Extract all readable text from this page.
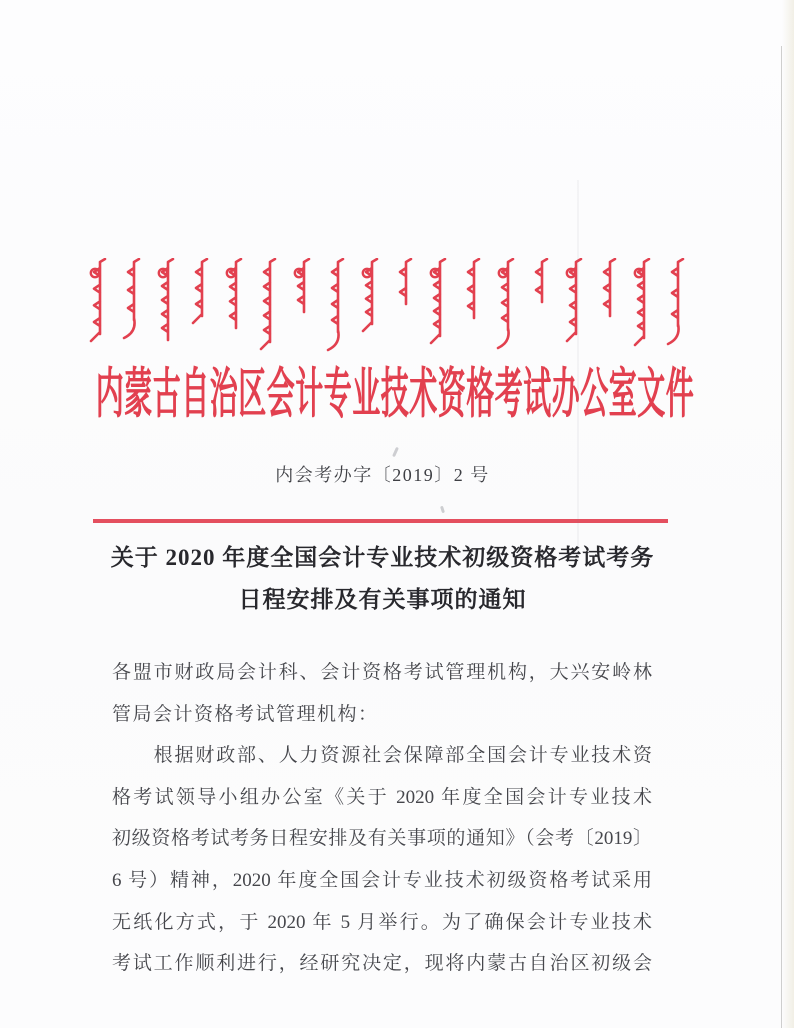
内蒙古自治区会计专业技术资格考试办公室文件
内会考办字〔2019〕2 号
关于 2020 年度全国会计专业技术初级资格考试考务
日程安排及有关事项的通知
各盟市财政局会计科、会计资格考试管理机构，大兴安岭林
管局会计资格考试管理机构：
　　根据财政部、人力资源社会保障部全国会计专业技术资
格考试领导小组办公室《关于 2020 年度全国会计专业技术
初级资格考试考务日程安排及有关事项的通知》（会考〔2019〕
6 号）精神，2020 年度全国会计专业技术初级资格考试采用
无纸化方式，于 2020 年 5 月举行。为了确保会计专业技术
考试工作顺利进行，经研究决定，现将内蒙古自治区初级会
